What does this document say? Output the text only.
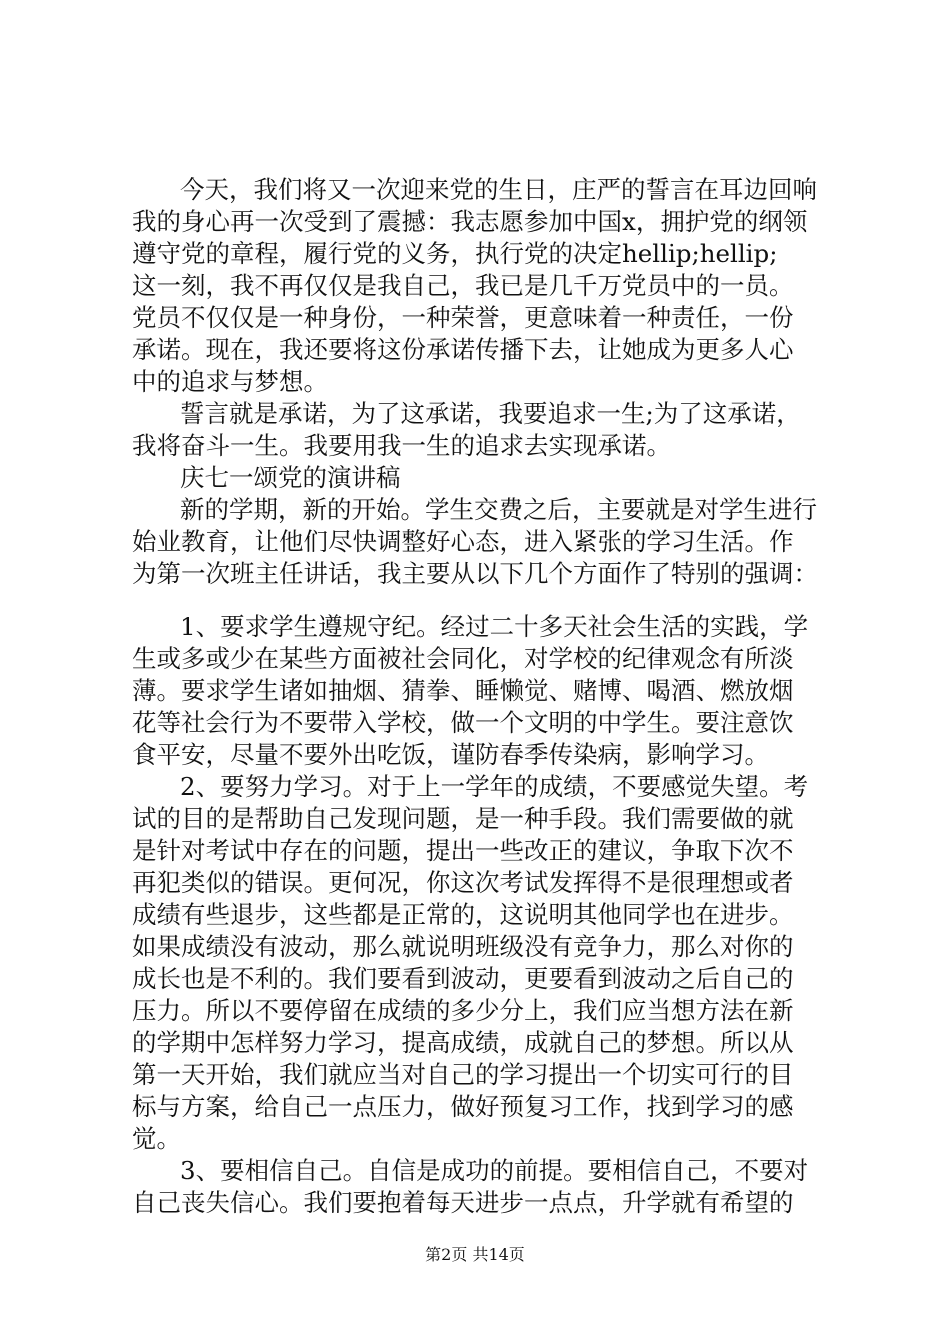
今天，我们将又一次迎来党的生日，庄严的誓言在耳边回响
我的身心再一次受到了震撼：我志愿参加中国x，拥护党的纲领
遵守党的章程，履行党的义务，执行党的决定hellip;hellip;
这一刻，我不再仅仅是我自己，我已是几千万党员中的一员。
党员不仅仅是一种身份，一种荣誉，更意味着一种责任，一份
承诺。现在，我还要将这份承诺传播下去，让她成为更多人心
中的追求与梦想。
誓言就是承诺，为了这承诺，我要追求一生;为了这承诺，
我将奋斗一生。我要用我一生的追求去实现承诺。
庆七一颂党的演讲稿
新的学期，新的开始。学生交费之后，主要就是对学生进行
始业教育，让他们尽快调整好心态，进入紧张的学习生活。作
为第一次班主任讲话，我主要从以下几个方面作了特别的强调：
1、要求学生遵规守纪。经过二十多天社会生活的实践，学
生或多或少在某些方面被社会同化，对学校的纪律观念有所淡
薄。要求学生诸如抽烟、猜拳、睡懒觉、赌博、喝酒、燃放烟
花等社会行为不要带入学校，做一个文明的中学生。要注意饮
食平安，尽量不要外出吃饭，谨防春季传染病，影响学习。
2、要努力学习。对于上一学年的成绩，不要感觉失望。考
试的目的是帮助自己发现问题，是一种手段。我们需要做的就
是针对考试中存在的问题，提出一些改正的建议，争取下次不
再犯类似的错误。更何况，你这次考试发挥得不是很理想或者
成绩有些退步，这些都是正常的，这说明其他同学也在进步。
如果成绩没有波动，那么就说明班级没有竞争力，那么对你的
成长也是不利的。我们要看到波动，更要看到波动之后自己的
压力。所以不要停留在成绩的多少分上，我们应当想方法在新
的学期中怎样努力学习，提高成绩，成就自己的梦想。所以从
第一天开始，我们就应当对自己的学习提出一个切实可行的目
标与方案，给自己一点压力，做好预复习工作，找到学习的感
觉。
3、要相信自己。自信是成功的前提。要相信自己，不要对
自己丧失信心。我们要抱着每天进步一点点，升学就有希望的
第2页 共14页
